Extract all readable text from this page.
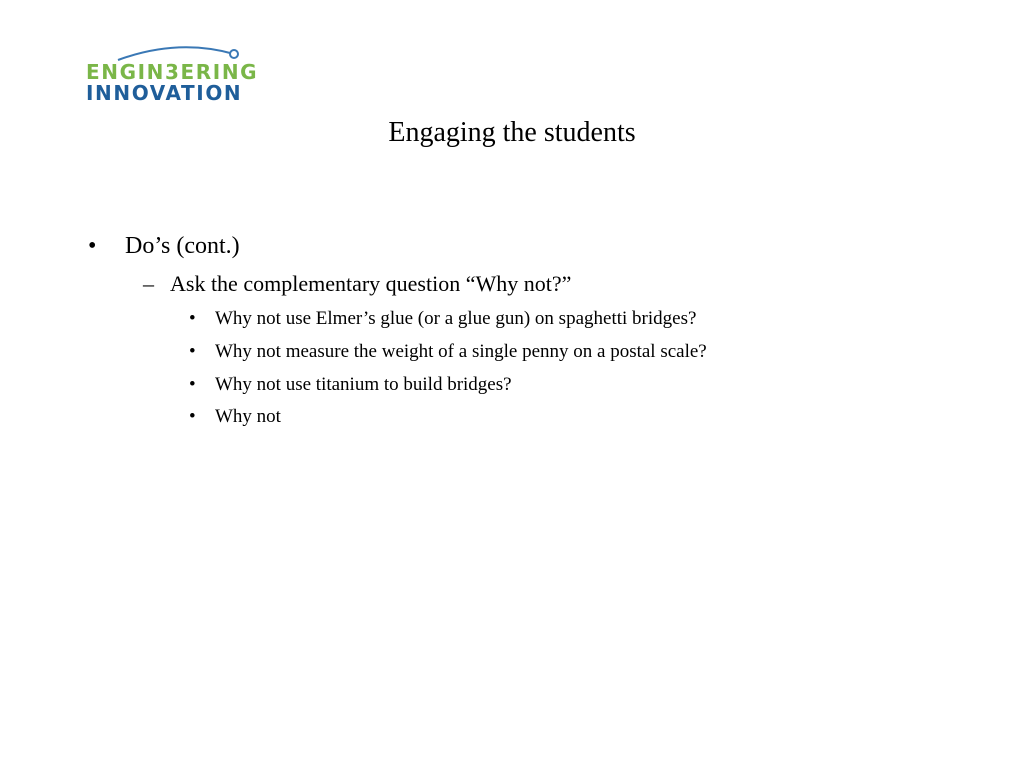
ENGIN3ERING
INNOVATION
Engaging the students
• Do’s (cont.)
– Ask the complementary question “Why not?”
• Why not use Elmer’s glue (or a glue gun) on spaghetti bridges?
• Why not measure the weight of a single penny on a postal scale?
• Why not use titanium to build bridges?
• Why not
